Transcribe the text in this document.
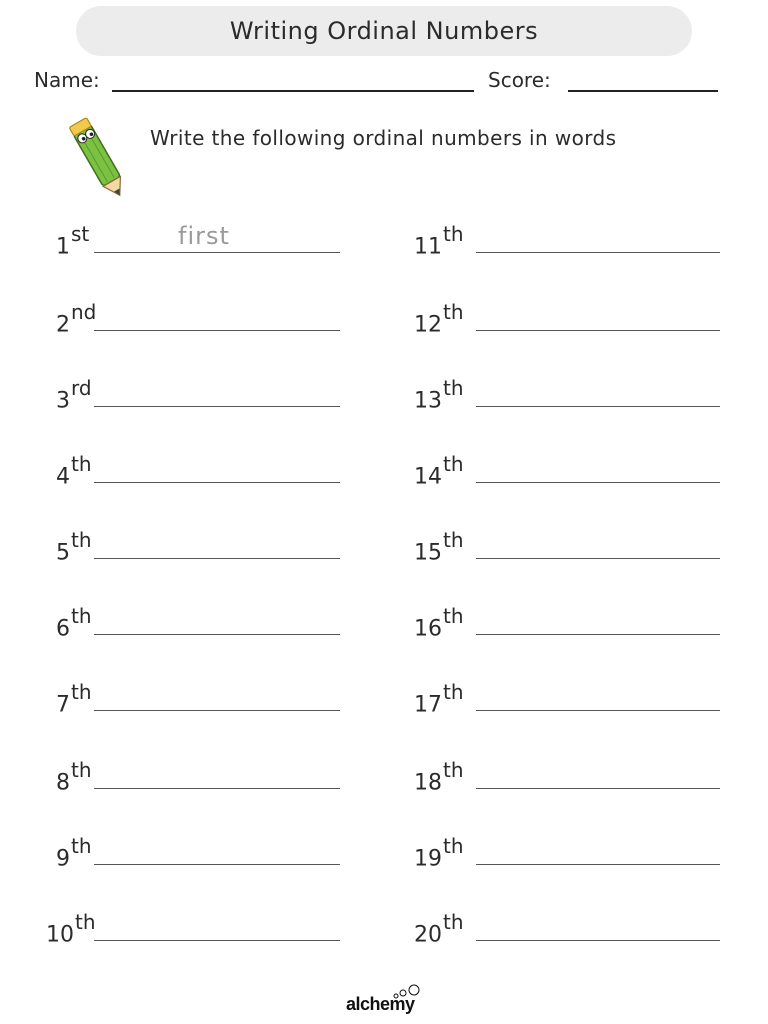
Writing Ordinal Numbers
Name:	Score:
Write the following ordinal numbers in words
1st	first
2nd
3rd
4th
5th
6th
7th
8th
9th
10th
11th
12th
13th
14th
15th
16th
17th
18th
19th
20th
alchemy
